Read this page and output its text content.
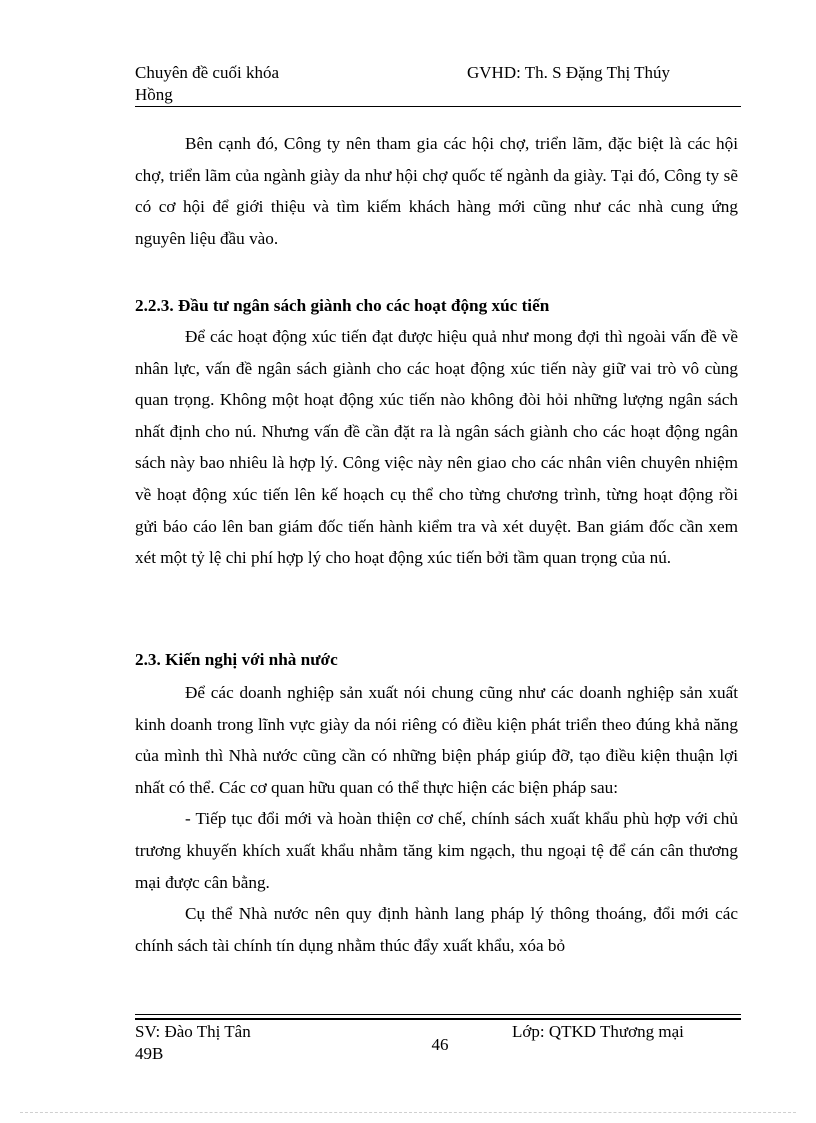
Chuyên đề cuối khóa
Hồng
GVHD: Th. S Đặng Thị Thúy

Bên cạnh đó, Công ty nên tham gia các hội chợ, triển lãm, đặc biệt là các hội chợ, triển lãm của ngành giày da như hội chợ quốc tế ngành da giày. Tại đó, Công ty sẽ có cơ hội để giới thiệu và tìm kiếm khách hàng mới cũng như các nhà cung ứng nguyên liệu đầu vào.

2.2.3. Đầu tư ngân sách giành cho các hoạt động xúc tiến

Để các hoạt động xúc tiến đạt được hiệu quả như mong đợi thì ngoài vấn đề về nhân lực, vấn đề ngân sách giành cho các hoạt động xúc tiến này giữ vai trò vô cùng quan trọng. Không một hoạt động xúc tiến nào không đòi hỏi những lượng ngân sách nhất định cho nú. Nhưng vấn đề cần đặt ra là ngân sách giành cho các hoạt động ngân sách này bao nhiêu là hợp lý. Công việc này nên giao cho các nhân viên chuyên nhiệm về hoạt động xúc tiến lên kế hoạch cụ thể cho từng chương trình, từng hoạt động rồi gửi báo cáo lên ban giám đốc tiến hành kiểm tra và xét duyệt. Ban giám đốc cần xem xét một tỷ lệ chi phí hợp lý cho hoạt động xúc tiến bởi tầm quan trọng của nú.

2.3. Kiến nghị với nhà nước

Để các doanh nghiệp sản xuất nói chung cũng như các doanh nghiệp sản xuất kinh doanh trong lĩnh vực giày da nói riêng có điều kiện phát triển theo đúng khả năng của mình thì Nhà nước cũng cần có những biện pháp giúp đỡ, tạo điều kiện thuận lợi nhất có thể. Các cơ quan hữu quan có thể thực hiện các biện pháp sau:

- Tiếp tục đổi mới và hoàn thiện cơ chế, chính sách xuất khẩu phù hợp với chủ trương khuyến khích xuất khẩu nhằm tăng kim ngạch, thu ngoại tệ để cán cân thương mại được cân bằng.

Cụ thể Nhà nước nên quy định hành lang pháp lý thông thoáng, đổi mới các chính sách tài chính tín dụng nhằm thúc đẩy xuất khẩu, xóa bỏ

SV: Đào Thị Tân
49B	46
Lớp: QTKD Thương mại
